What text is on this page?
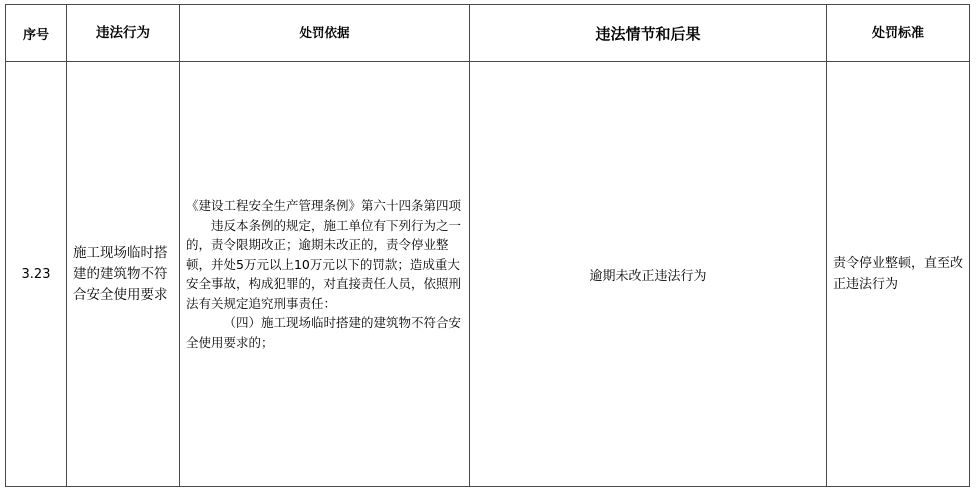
序号	违法行为	处罚依据	违法情节和后果	处罚标准
3.23	施工现场临时搭建的建筑物不符合安全使用要求	《建设工程安全生产管理条例》第六十四条第四项

违反本条例的规定，施工单位有下列行为之一的，责令限期改正；逾期未改正的，责令停业整顿，并处5万元以上10万元以下的罚款；造成重大安全事故，构成犯罪的，对直接责任人员，依照刑法有关规定追究刑事责任：

（四）施工现场临时搭建的建筑物不符合安全使用要求的；	逾期未改正违法行为	责令停业整顿，直至改正违法行为
